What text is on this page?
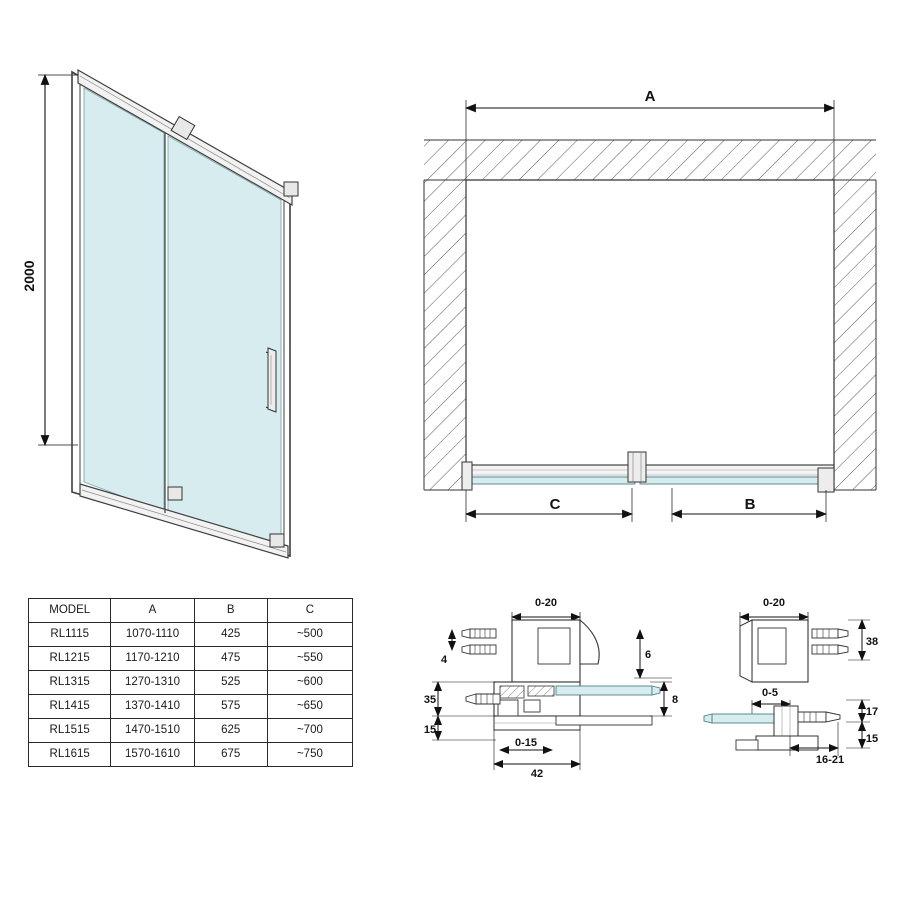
2000
A
C	B
0-20
4
35
15
6
8
0-15
42
0-20
38
17
15
0-5
16-21
MODEL	A	B	C
RL1115	1070-1110	425	~500
RL1215	1170-1210	475	~550
RL1315	1270-1310	525	~600
RL1415	1370-1410	575	~650
RL1515	1470-1510	625	~700
RL1615	1570-1610	675	~750
